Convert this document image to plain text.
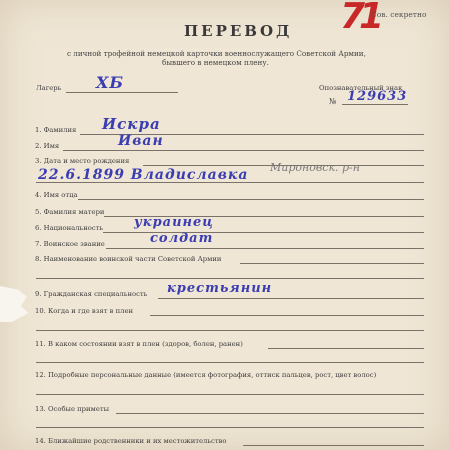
71
Сов. секретно
ПЕРЕВОД
с личной трофейной немецкой карточки военнослужащего Советской Армии,
бывшего в немецком плену.
Лагерь XБ	Опознавательный знак
№ 129633
1. Фамилия Искра
2. Имя	Иван
3. Дата и место рождения
22.6.1899 Владиславка Мироновск. р-н
4. Имя отца
5. Фамилия матери
6. Национальность украинец
7. Воинское звание	солдат
8. Наименование воинской части Советской Армии
9. Гражданская специальность крестьянин
10. Когда и где взят в плен
11. В каком состоянии взят в плен (здоров, болен, ранен)
12. Подробные персональные данные (имеется фотография, оттиск пальцев, рост, цвет волос)
13. Особые приметы
14. Ближайшие родственники и их местожительство
